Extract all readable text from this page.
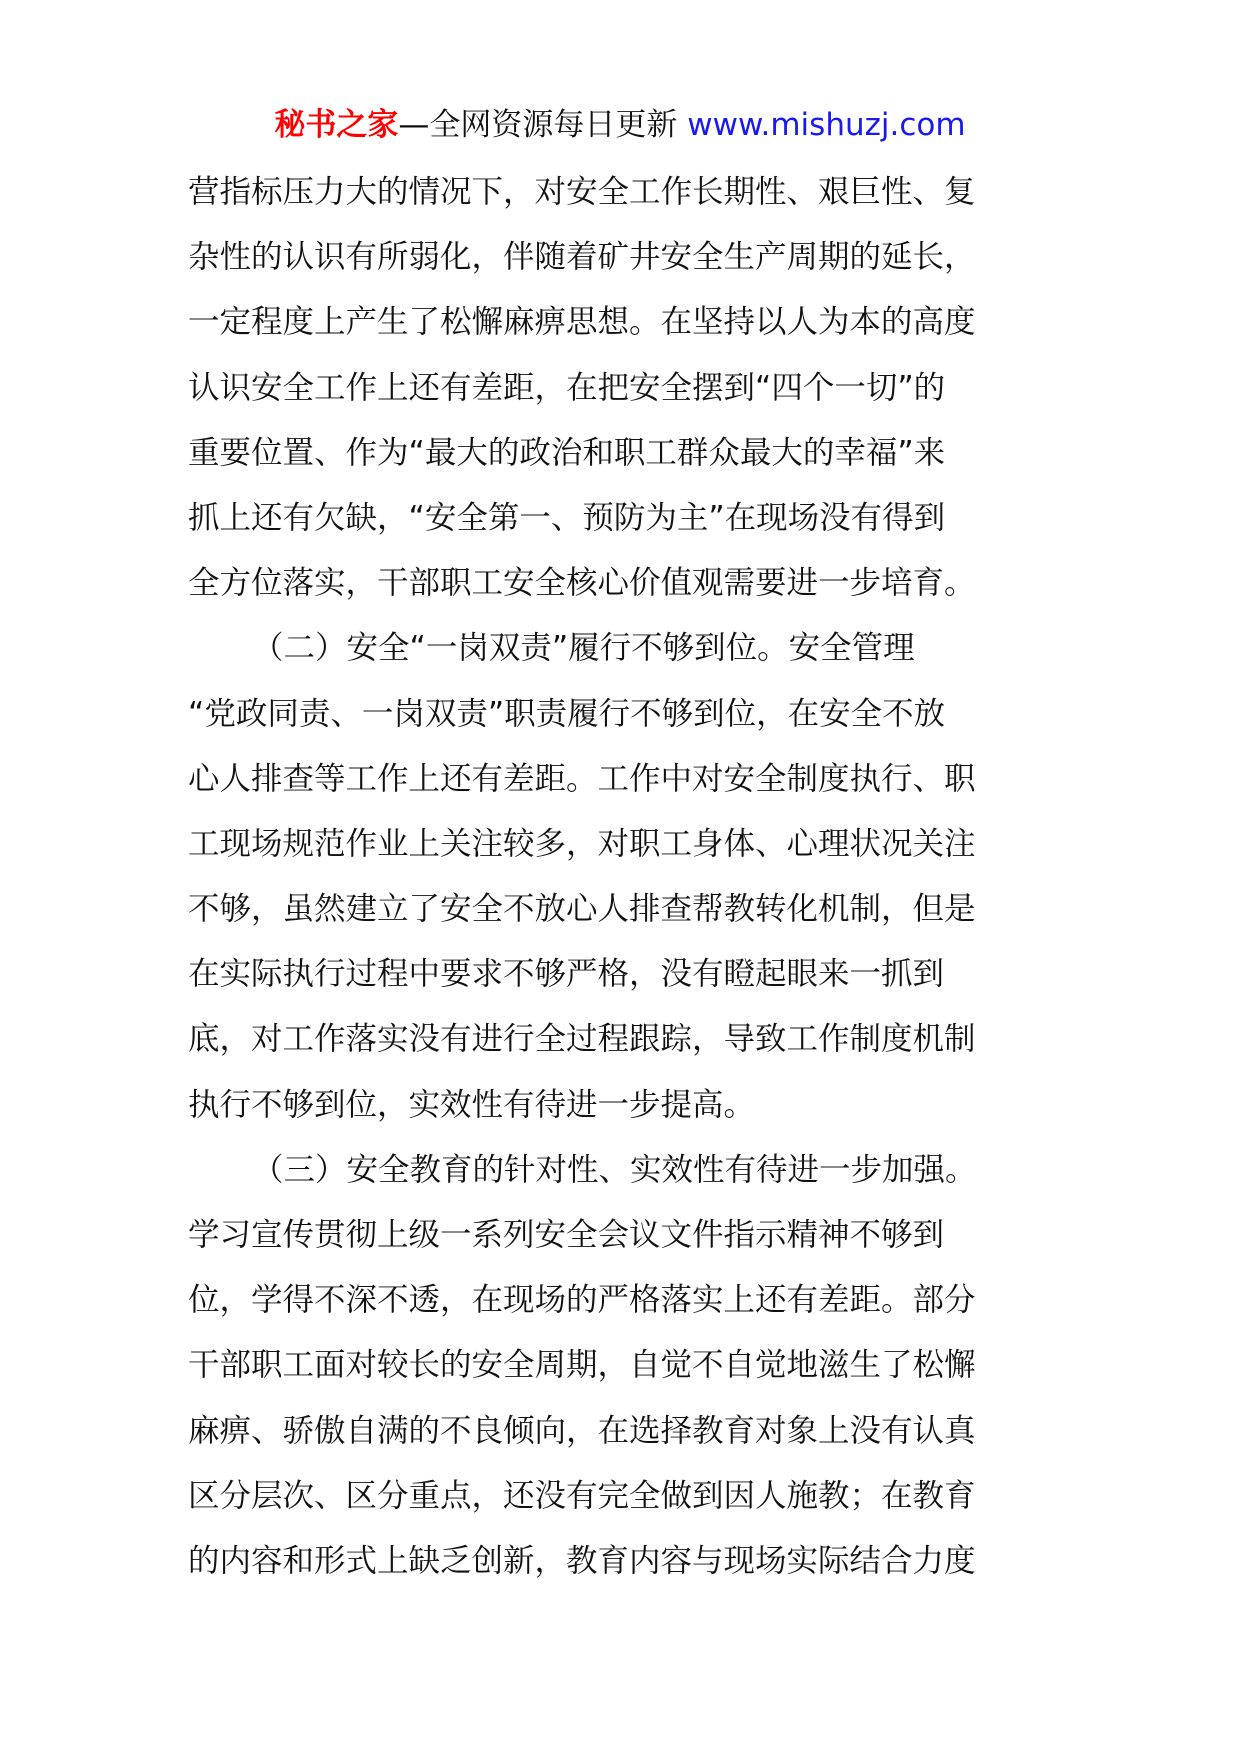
秘书之家—全网资源每日更新 www.mishuzj.com

营指标压力大的情况下，对安全工作长期性、艰巨性、复
杂性的认识有所弱化，伴随着矿井安全生产周期的延长，
一定程度上产生了松懈麻痹思想。在坚持以人为本的高度
认识安全工作上还有差距，在把安全摆到“四个一切”的
重要位置、作为“最大的政治和职工群众最大的幸福”来
抓上还有欠缺，“安全第一、预防为主”在现场没有得到
全方位落实，干部职工安全核心价值观需要进一步培育。

（二）安全“一岗双责”履行不够到位。安全管理
“党政同责、一岗双责”职责履行不够到位，在安全不放
心人排查等工作上还有差距。工作中对安全制度执行、职
工现场规范作业上关注较多，对职工身体、心理状况关注
不够，虽然建立了安全不放心人排查帮教转化机制，但是
在实际执行过程中要求不够严格，没有瞪起眼来一抓到
底，对工作落实没有进行全过程跟踪，导致工作制度机制
执行不够到位，实效性有待进一步提高。

（三）安全教育的针对性、实效性有待进一步加强。
学习宣传贯彻上级一系列安全会议文件指示精神不够到
位，学得不深不透，在现场的严格落实上还有差距。部分
干部职工面对较长的安全周期，自觉不自觉地滋生了松懈
麻痹、骄傲自满的不良倾向，在选择教育对象上没有认真
区分层次、区分重点，还没有完全做到因人施教；在教育
的内容和形式上缺乏创新，教育内容与现场实际结合力度
